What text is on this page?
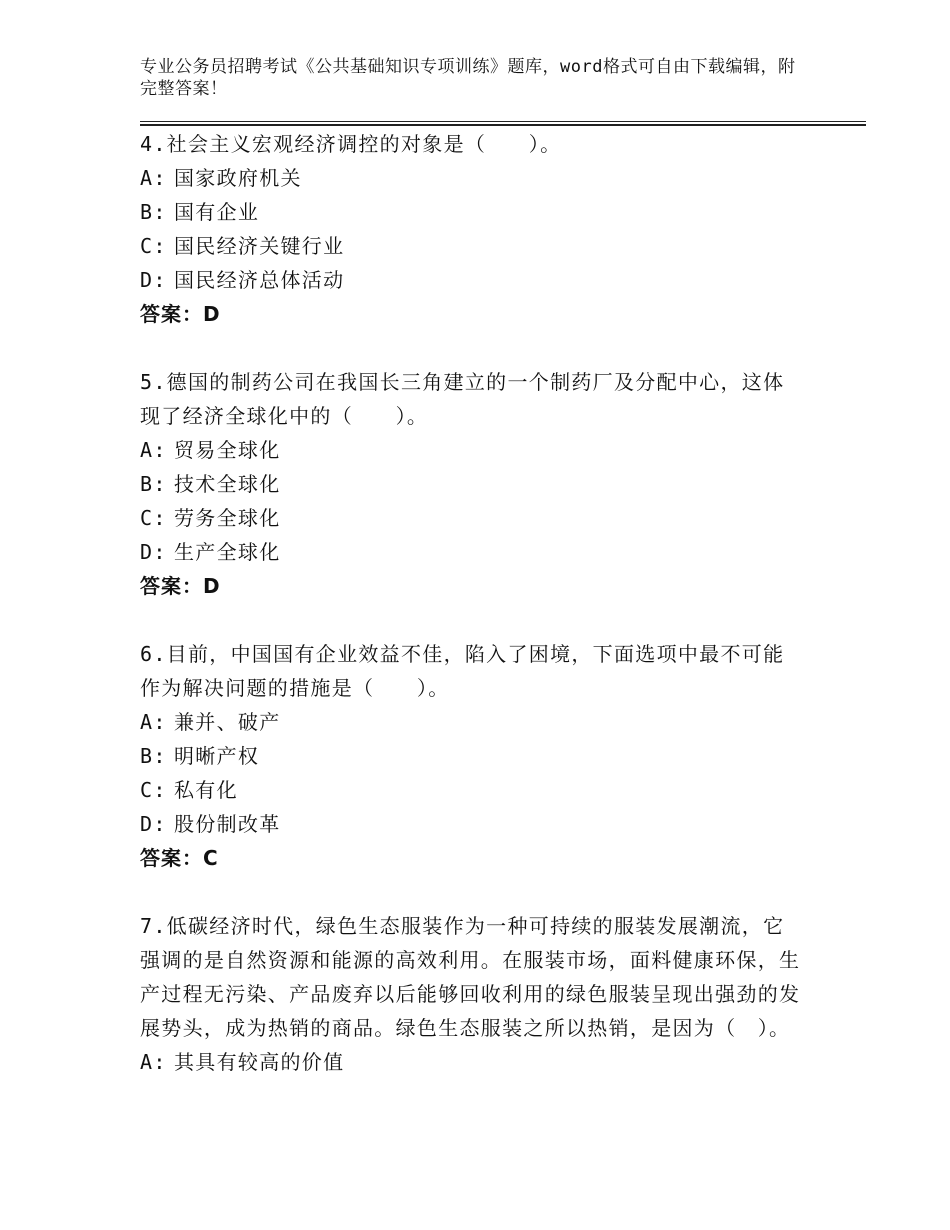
专业公务员招聘考试《公共基础知识专项训练》题库，word格式可自由下载编辑，附完整答案！
4.社会主义宏观经济调控的对象是（　　）。
A: 国家政府机关
B: 国有企业
C: 国民经济关键行业
D: 国民经济总体活动
答案：D
5.德国的制药公司在我国长三角建立的一个制药厂及分配中心，这体现了经济全球化中的（　　）。
A: 贸易全球化
B: 技术全球化
C: 劳务全球化
D: 生产全球化
答案：D
6.目前，中国国有企业效益不佳，陷入了困境，下面选项中最不可能作为解决问题的措施是（　　）。
A: 兼并、破产
B: 明晰产权
C: 私有化
D: 股份制改革
答案：C
7.低碳经济时代，绿色生态服装作为一种可持续的服装发展潮流，它强调的是自然资源和能源的高效利用。在服装市场，面料健康环保，生产过程无污染、产品废弃以后能够回收利用的绿色服装呈现出强劲的发展势头，成为热销的商品。绿色生态服装之所以热销，是因为（　）。
A: 其具有较高的价值
